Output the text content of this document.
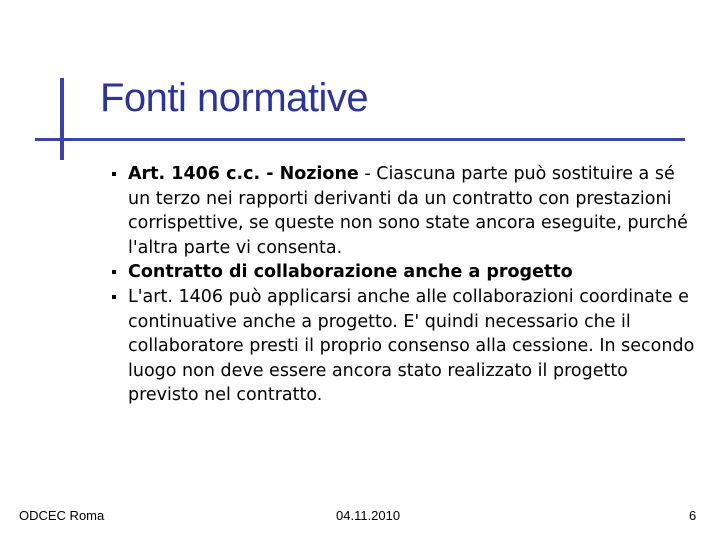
Fonti normative
Art. 1406 c.c. - Nozione - Ciascuna parte può sostituire a sé un terzo nei rapporti derivanti da un contratto con prestazioni corrispettive, se queste non sono state ancora eseguite, purché l'altra parte vi consenta.
Contratto di collaborazione anche a progetto
L'art. 1406 può applicarsi anche alle collaborazioni coordinate e continuative anche a progetto. E' quindi necessario che il collaboratore presti il proprio consenso alla cessione. In secondo luogo non deve essere ancora stato realizzato il progetto previsto nel contratto.
ODCEC Roma	04.11.2010	6
